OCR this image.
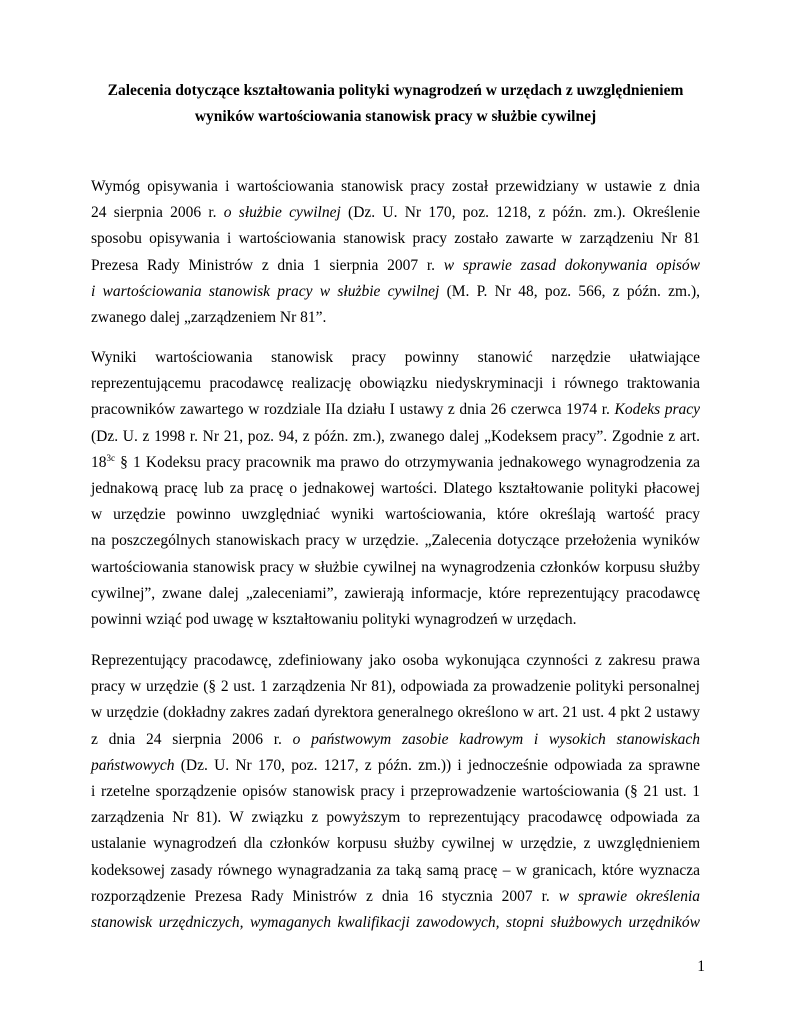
Zalecenia dotyczące kształtowania polityki wynagrodzeń w urzędach z uwzględnieniem
wyników wartościowania stanowisk pracy w służbie cywilnej

Wymóg opisywania i wartościowania stanowisk pracy został przewidziany w ustawie z dnia
24 sierpnia 2006 r. o służbie cywilnej (Dz. U. Nr 170, poz. 1218, z późn. zm.). Określenie
sposobu opisywania i wartościowania stanowisk pracy zostało zawarte w zarządzeniu Nr 81
Prezesa Rady Ministrów z dnia 1 sierpnia 2007 r. w sprawie zasad dokonywania opisów
i wartościowania stanowisk pracy w służbie cywilnej (M. P. Nr 48, poz. 566, z późn. zm.),
zwanego dalej „zarządzeniem Nr 81”.

Wyniki wartościowania stanowisk pracy powinny stanowić narzędzie ułatwiające
reprezentującemu pracodawcę realizację obowiązku niedyskryminacji i równego traktowania
pracowników zawartego w rozdziale IIa działu I ustawy z dnia 26 czerwca 1974 r. Kodeks pracy
(Dz. U. z 1998 r. Nr 21, poz. 94, z późn. zm.), zwanego dalej „Kodeksem pracy”. Zgodnie z art.
$18^{3c}$ § 1 Kodeksu pracy pracownik ma prawo do otrzymywania jednakowego wynagrodzenia za
jednakową pracę lub za pracę o jednakowej wartości. Dlatego kształtowanie polityki płacowej
w urzędzie powinno uwzględniać wyniki wartościowania, które określają wartość pracy
na poszczególnych stanowiskach pracy w urzędzie. „Zalecenia dotyczące przełożenia wyników
wartościowania stanowisk pracy w służbie cywilnej na wynagrodzenia członków korpusu służby
cywilnej”, zwane dalej „zaleceniami”, zawierają informacje, które reprezentujący pracodawcę
powinni wziąć pod uwagę w kształtowaniu polityki wynagrodzeń w urzędach.

Reprezentujący pracodawcę, zdefiniowany jako osoba wykonująca czynności z zakresu prawa
pracy w urzędzie (§ 2 ust. 1 zarządzenia Nr 81), odpowiada za prowadzenie polityki personalnej
w urzędzie (dokładny zakres zadań dyrektora generalnego określono w art. 21 ust. 4 pkt 2 ustawy
z dnia 24 sierpnia 2006 r. o państwowym zasobie kadrowym i wysokich stanowiskach
państwowych (Dz. U. Nr 170, poz. 1217, z późn. zm.)) i jednocześnie odpowiada za sprawne
i rzetelne sporządzenie opisów stanowisk pracy i przeprowadzenie wartościowania (§ 21 ust. 1
zarządzenia Nr 81). W związku z powyższym to reprezentujący pracodawcę odpowiada za
ustalanie wynagrodzeń dla członków korpusu służby cywilnej w urzędzie, z uwzględnieniem
kodeksowej zasady równego wynagradzania za taką samą pracę – w granicach, które wyznacza
rozporządzenie Prezesa Rady Ministrów z dnia 16 stycznia 2007 r. w sprawie określenia
stanowisk urzędniczych, wymaganych kwalifikacji zawodowych, stopni służbowych urzędników

1
